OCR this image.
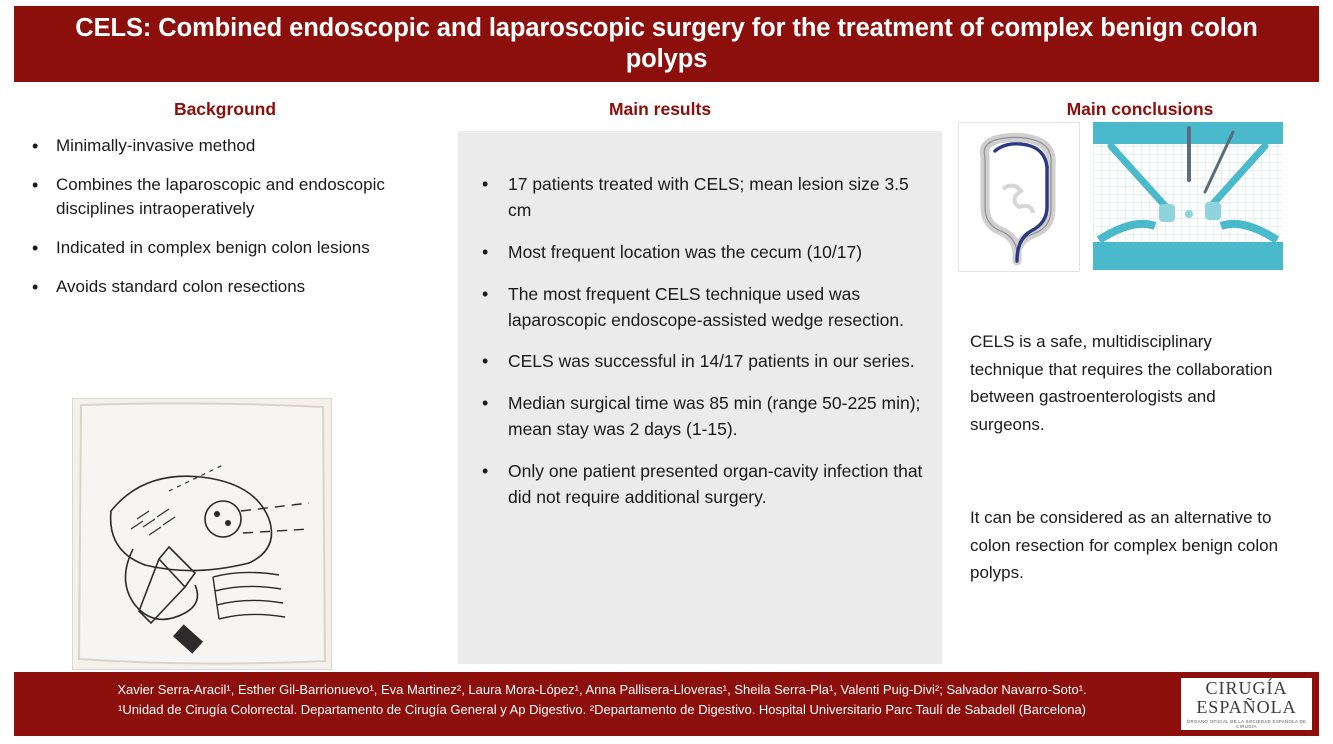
CELS: Combined endoscopic and laparoscopic surgery for the treatment of complex benign colon polyps
Background	Main results	Main conclusions
• Minimally-invasive method
• Combines the laparoscopic and endoscopic disciplines intraoperatively
• Indicated in complex benign colon lesions
• Avoids standard colon resections
• 17 patients treated with CELS; mean lesion size 3.5 cm
• Most frequent location was the cecum (10/17)
• The most frequent CELS technique used was laparoscopic endoscope-assisted wedge resection.
• CELS was successful in 14/17 patients in our series.
• Median surgical time was 85 min (range 50-225 min); mean stay was 2 days (1-15).
• Only one patient presented organ-cavity infection that did not require additional surgery.
CELS is a safe, multidisciplinary technique that requires the collaboration between gastroenterologists and surgeons.
It can be considered as an alternative to colon resection for complex benign colon polyps.
Xavier Serra-Aracil¹, Esther Gil-Barrionuevo¹, Eva Martinez², Laura Mora-López¹, Anna Pallisera-Lloveras¹, Sheila Serra-Pla¹, Valenti Puig-Divi²; Salvador Navarro-Soto¹.
¹Unidad de Cirugía Colorrectal. Departamento de Cirugía General y Ap Digestivo. ²Departamento de Digestivo. Hospital Universitario Parc Taulí de Sabadell (Barcelona)
CIRUGÍA
ESPAÑOLA
ÓRGANO OFICIAL DE LA SOCIEDAD ESPAÑOLA DE CIRUGÍA
